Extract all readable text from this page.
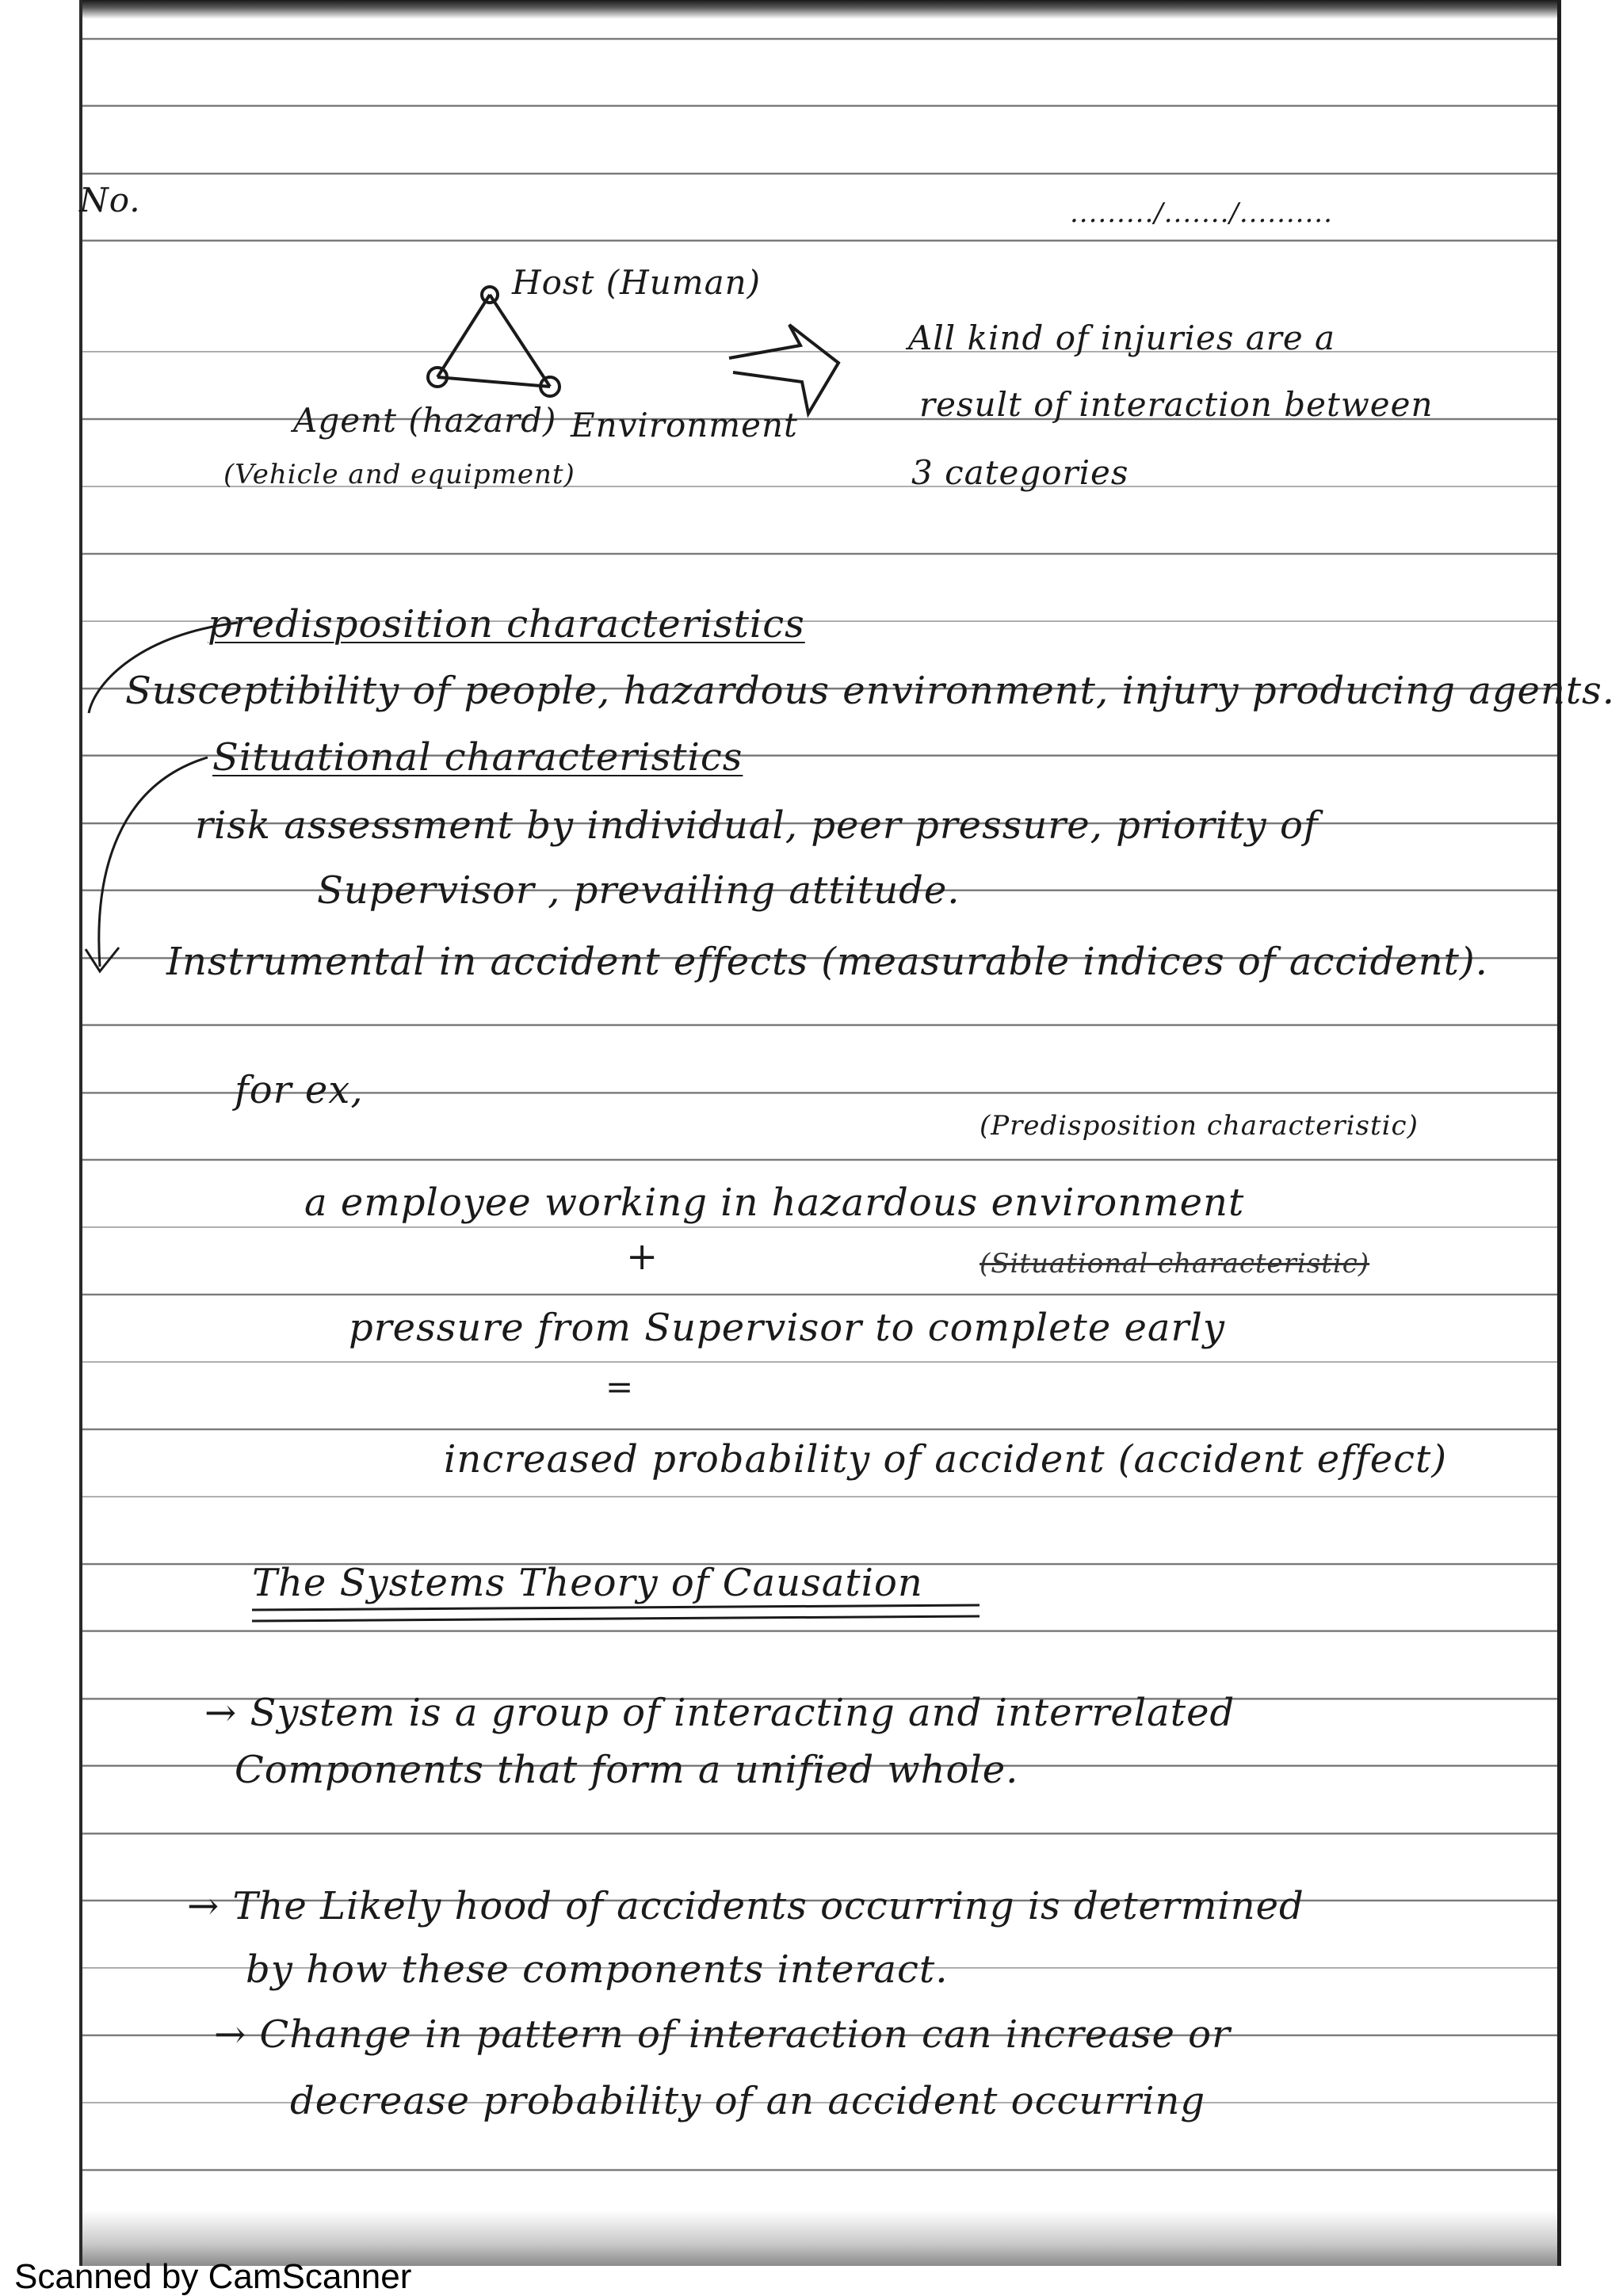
No.	........./......./..........
Host (Human)
Agent (hazard)
(Vehicle and equipment)
Environment
All kind of injuries are a
result of interaction between
3 categories
predisposition characteristics
Susceptibility of people, hazardous environment, injury producing agents.
Situational characteristics
risk assessment by individual, peer pressure, priority of
Supervisor , prevailing attitude.
Instrumental in accident effects (measurable indices of accident).
for ex,
(Predisposition characteristic)
a employee working in hazardous environment
+	(Situational characteristic)
pressure from Supervisor to complete early
=
increased probability of accident (accident effect)
The Systems Theory of Causation
→ System is a group of interacting and interrelated
Components that form a unified whole.
→ The Likely hood of accidents occurring is determined
by how these components interact.
→ Change in pattern of interaction can increase or
decrease probability of an accident occurring
Scanned by CamScanner
